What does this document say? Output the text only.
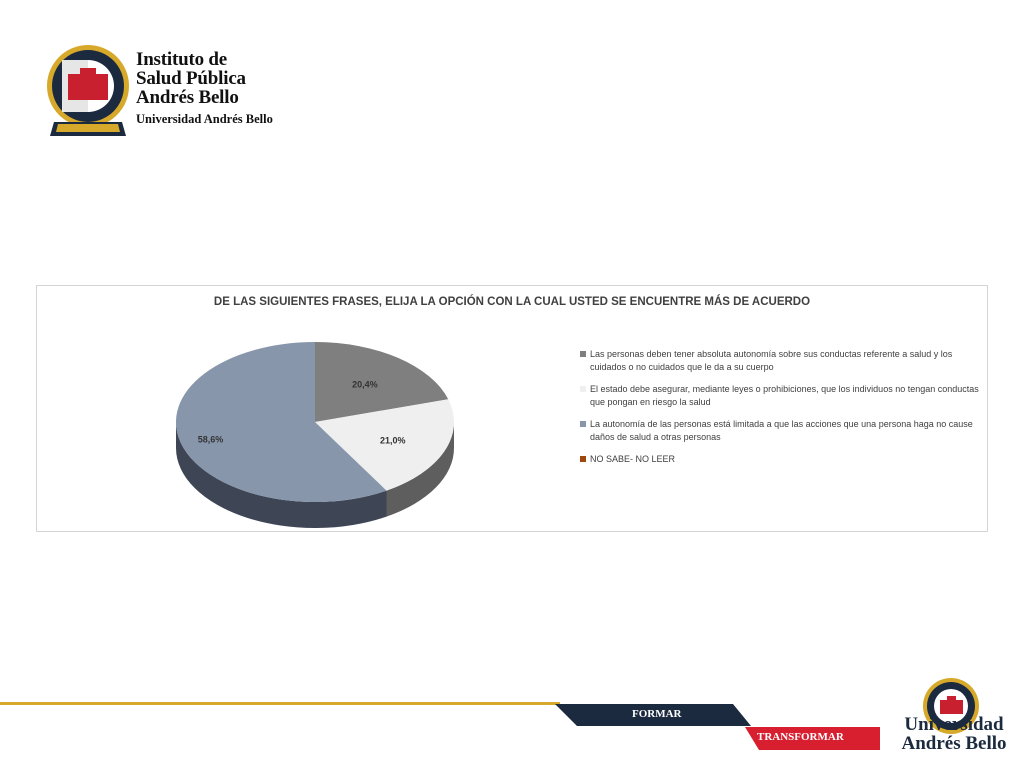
Instituto de
Salud Pública
Andrés Bello
Universidad Andrés Bello
DE LAS SIGUIENTES FRASES, ELIJA LA OPCIÓN CON LA CUAL USTED SE ENCUENTRE MÁS DE ACUERDO
20,4%
21,0%
58,6%
Las personas deben tener absoluta autonomía sobre sus conductas referente a salud y los cuidados o no cuidados que le da a su cuerpo
El estado debe asegurar, mediante leyes o prohibiciones, que los individuos no tengan conductas que pongan en riesgo la salud
La autonomía de las personas está limitada a que las acciones que una persona haga no cause daños de salud a otras personas
NO SABE- NO LEER
FORMAR
TRANSFORMAR
Universidad
Andrés Bello
